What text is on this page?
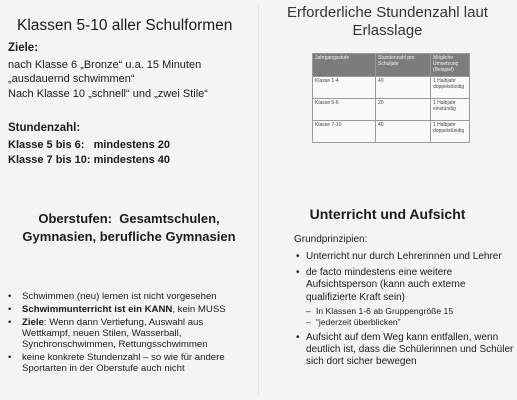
Klassen 5-10 aller Schulformen
Ziele:
nach Klasse 6 „Bronze“ u.a. 15 Minuten
„ausdauernd schwimmen“
Nach Klasse 10 „schnell“ und „zwei Stile“
Stundenzahl:
Klasse 5 bis 6:   mindestens 20
Klasse 7 bis 10: mindestens 40
Erforderliche Stundenzahl laut
Erlasslage
Jahrgangsstufe	Stundenzahl pro Schuljahr	Mögliche Umsetzung (Beispiel)
Klasse 1-4	40	1 Halbjahr doppelstündig
Klasse 5-6	20	1 Halbjahr einstündig
Klasse 7-10	40	1 Halbjahr doppelstündig
Oberstufen:  Gesamtschulen,
Gymnasien, berufliche Gymnasien
• Schwimmen (neu) lernen ist nicht vorgesehen
• Schwimmunterricht ist ein KANN, kein MUSS
• Ziele: Wenn dann Vertiefung, Auswahl aus Wettkampf, neuen Stilen, Wasserball, Synchronschwimmen, Rettungsschwimmen
• keine konkrete Stundenzahl – so wie für andere Sportarten in der Oberstufe auch nicht
Unterricht und Aufsicht
Grundprinzipien:
• Unterricht nur durch Lehrerinnen und Lehrer
• de facto mindestens eine weitere Aufsichtsperson (kann auch externe qualifizierte Kraft sein)
– In Klassen 1-6 ab Gruppengröße 15
– “jederzeit überblicken”
• Aufsicht auf dem Weg kann entfallen, wenn deutlich ist, dass die Schülerinnen und Schüler sich dort sicher bewegen
